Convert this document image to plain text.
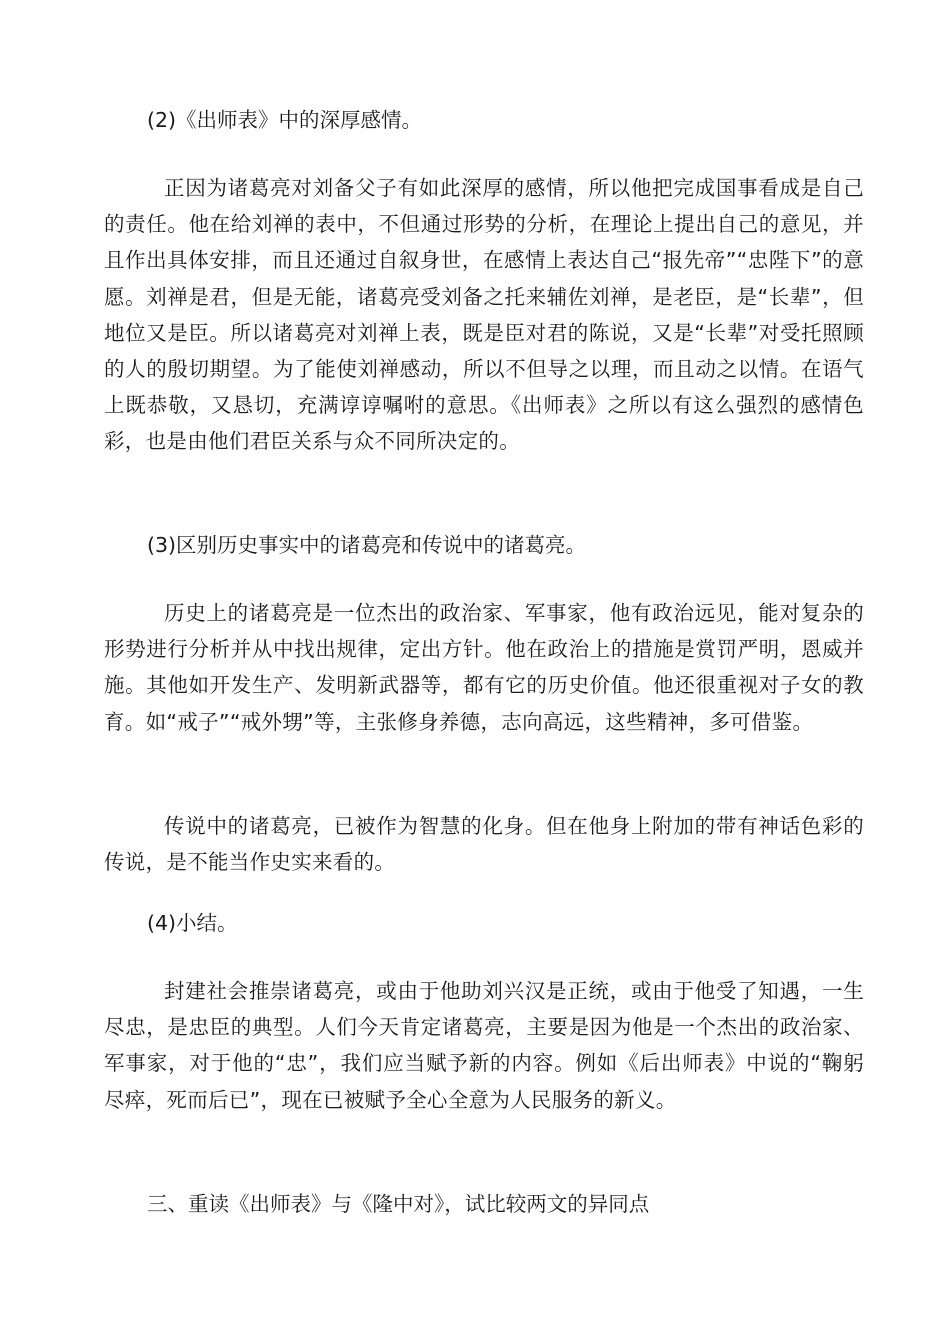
(2)《出师表》中的深厚感情。
正因为诸葛亮对刘备父子有如此深厚的感情，所以他把完成国事看成是自己的责任。他在给刘禅的表中，不但通过形势的分析，在理论上提出自己的意见，并且作出具体安排，而且还通过自叙身世，在感情上表达自己“报先帝”“忠陛下”的意愿。刘禅是君，但是无能，诸葛亮受刘备之托来辅佐刘禅，是老臣，是“长辈”，但地位又是臣。所以诸葛亮对刘禅上表，既是臣对君的陈说，又是“长辈”对受托照顾的人的殷切期望。为了能使刘禅感动，所以不但导之以理，而且动之以情。在语气上既恭敬，又恳切，充满谆谆嘱咐的意思。《出师表》之所以有这么强烈的感情色彩，也是由他们君臣关系与众不同所决定的。
(3)区别历史事实中的诸葛亮和传说中的诸葛亮。
历史上的诸葛亮是一位杰出的政治家、军事家，他有政治远见，能对复杂的形势进行分析并从中找出规律，定出方针。他在政治上的措施是赏罚严明，恩威并施。其他如开发生产、发明新武器等，都有它的历史价值。他还很重视对子女的教育。如“戒子”“戒外甥”等，主张修身养德，志向高远，这些精神，多可借鉴。
传说中的诸葛亮，已被作为智慧的化身。但在他身上附加的带有神话色彩的传说，是不能当作史实来看的。
(4)小结。
封建社会推崇诸葛亮，或由于他助刘兴汉是正统，或由于他受了知遇，一生尽忠，是忠臣的典型。人们今天肯定诸葛亮，主要是因为他是一个杰出的政治家、军事家，对于他的“忠”，我们应当赋予新的内容。例如《后出师表》中说的“鞠躬尽瘁，死而后已”，现在已被赋予全心全意为人民服务的新义。
三、重读《出师表》与《隆中对》，试比较两文的异同点
